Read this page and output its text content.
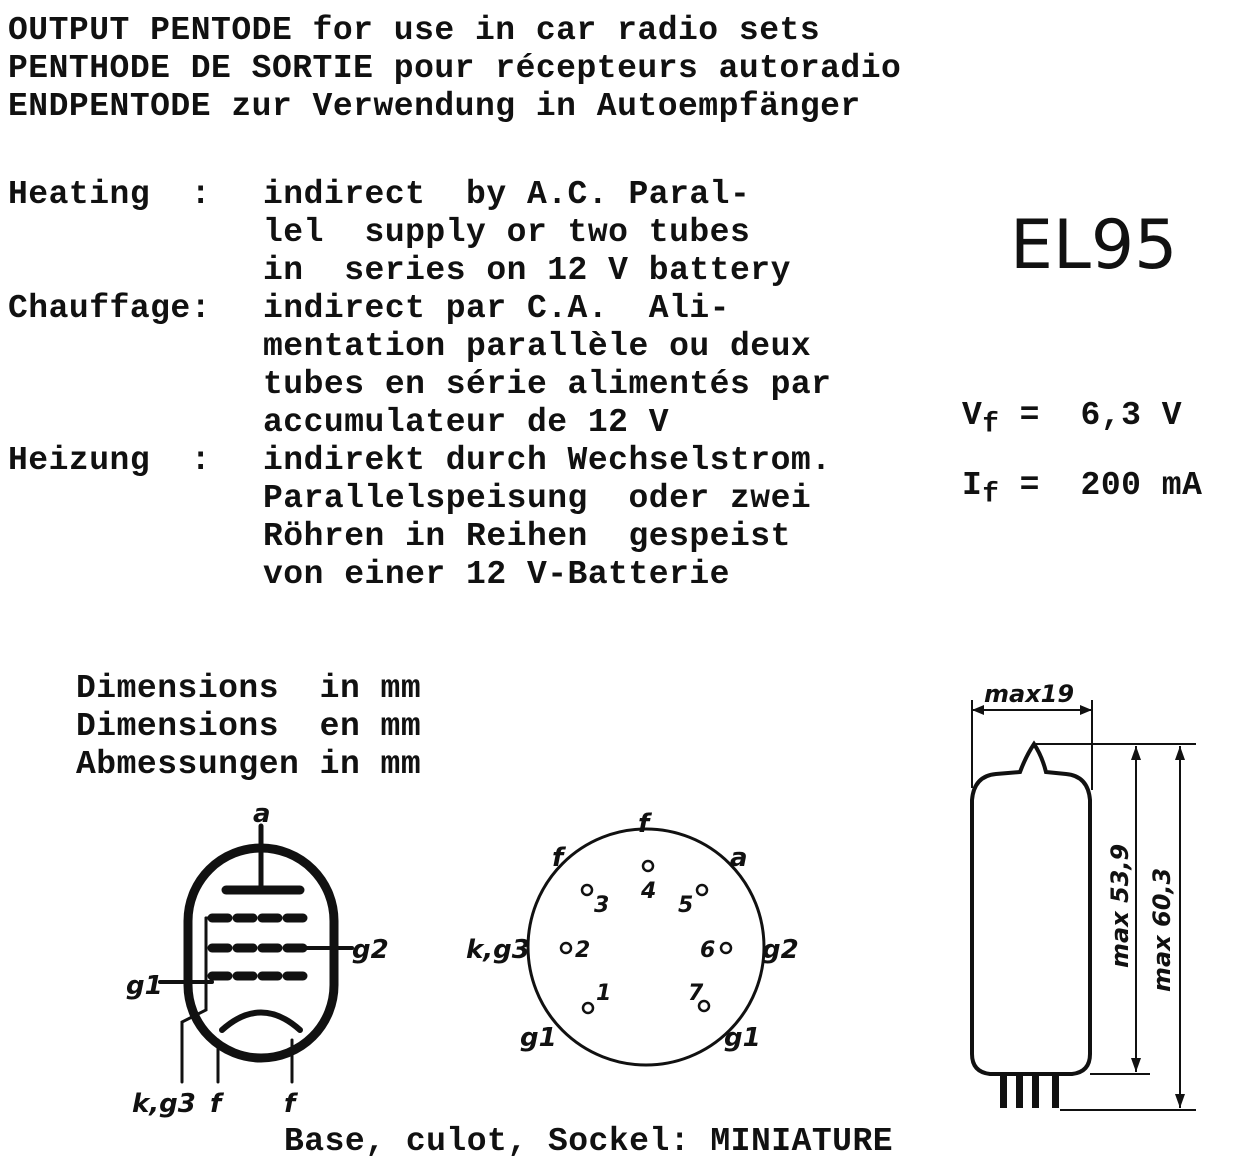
OUTPUT PENTODE for use in car radio sets
PENTHODE DE SORTIE pour récepteurs autoradio
ENDPENTODE zur Verwendung in Autoempfänger
Heating  :	indirect  by A.C. Paral-
lel  supply or two tubes
in  series on 12 V battery
Chauffage:	indirect par C.A.  Ali-
mentation parallèle ou deux
tubes en série alimentés par
accumulateur de 12 V
Heizung  :	indirekt durch Wechselstrom.
Parallelspeisung  oder zwei
Röhren in Reihen  gespeist
von einer 12 V-Batterie
EL95
$V_f = 6,3$ V
$I_f = 200$ mA
Dimensions  in mm
Dimensions  en mm
Abmessungen in mm
a
g2
g1
k,g3 f f
4
3	5
2	6
1	7
f
f	a
k,g3	g2
g1	g1
max19
max 53,9 max 60,3
Base, culot, Sockel: MINIATURE
